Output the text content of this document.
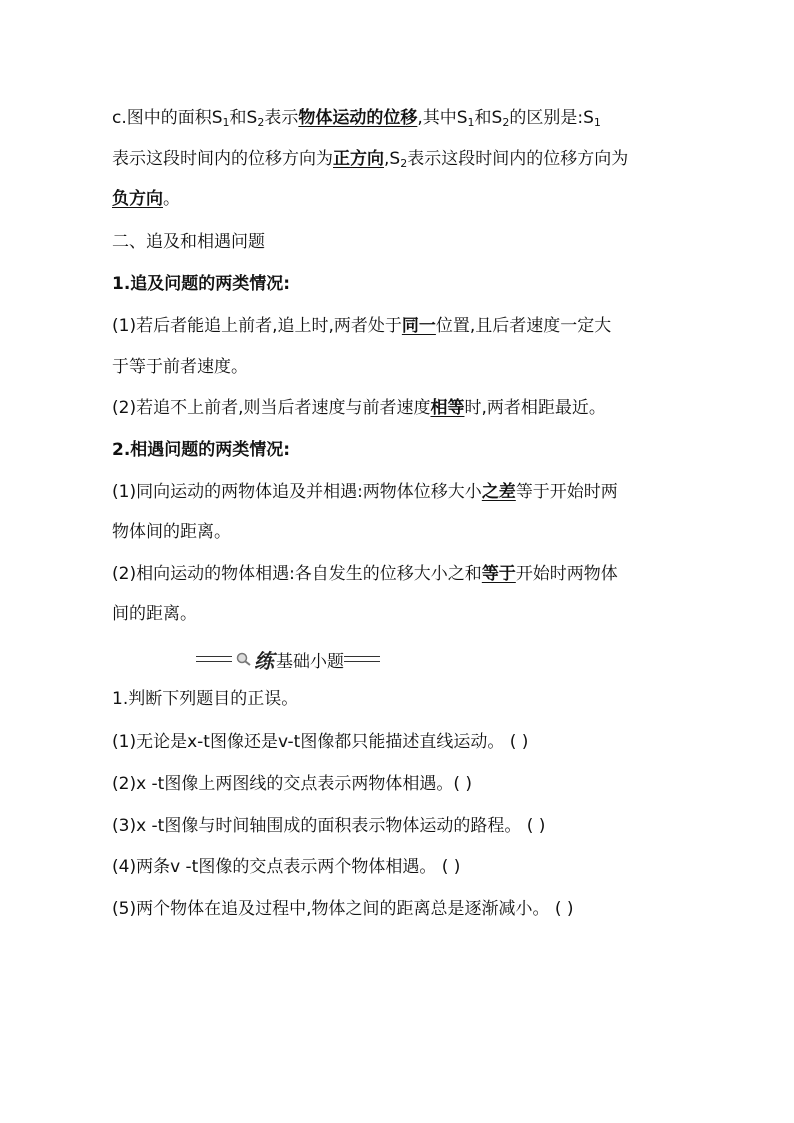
c.图中的面积$S_1$和$S_2$表示物体运动的位移,其中$S_1$和$S_2$的区别是$:S_1$
表示这段时间内的位移方向为正方向$,S_2$表示这段时间内的位移方向为
负方向。
二、追及和相遇问题
1.追及问题的两类情况:
(1)若后者能追上前者,追上时,两者处于同一位置,且后者速度一定大
于等于前者速度。
(2)若追不上前者,则当后者速度与前者速度相等时,两者相距最近。
2.相遇问题的两类情况:
(1)同向运动的两物体追及并相遇:两物体位移大小之差等于开始时两
物体间的距离。
(2)相向运动的物体相遇:各自发生的位移大小之和等于开始时两物体
间的距离。
练 基础小题
1.判断下列题目的正误。
(1)无论是x-t图像还是v-t图像都只能描述直线运动。 ( )
(2)x -t图像上两图线的交点表示两物体相遇。( )
(3)x -t图像与时间轴围成的面积表示物体运动的路程。 ( )
(4)两条v -t图像的交点表示两个物体相遇。 ( )
(5)两个物体在追及过程中,物体之间的距离总是逐渐减小。 ( )
